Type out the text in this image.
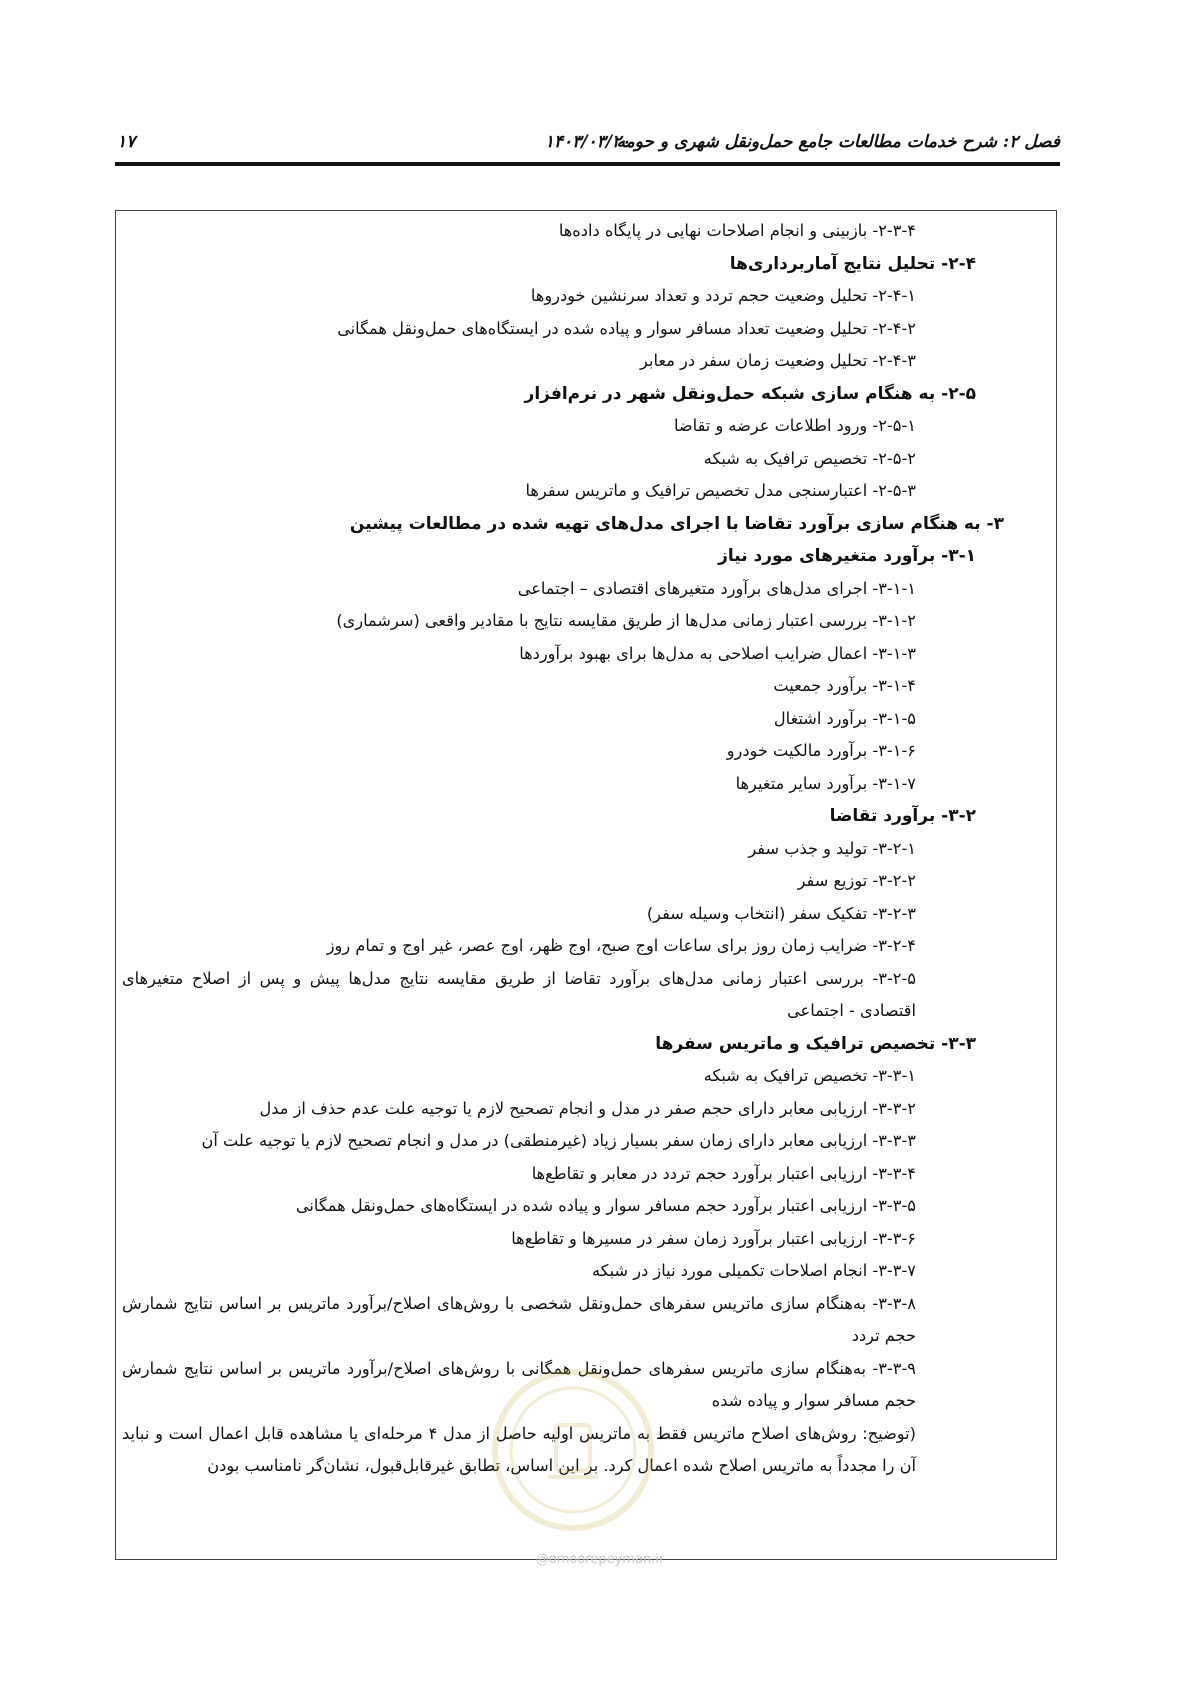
فصل ۲: شرح خدمات مطالعات جامع حمل‌ونقل شهری و حومه
۱۴۰۳/۰۳/۲۰
۱۷
۲-۳-۴- بازبینی و انجام اصلاحات نهایی در پایگاه داده‌ها
۲-۴- تحلیل نتایج آماربرداری‌ها
۲-۴-۱- تحلیل وضعیت حجم تردد و تعداد سرنشین خودروها
۲-۴-۲- تحلیل وضعیت تعداد مسافر سوار و پیاده شده در ایستگاه‌های حمل‌ونقل همگانی
۲-۴-۳- تحلیل وضعیت زمان سفر در معابر
۲-۵- به هنگام سازی شبکه حمل‌ونقل شهر در نرم‌افزار
۲-۵-۱- ورود اطلاعات عرضه و تقاضا
۲-۵-۲- تخصیص ترافیک به شبکه
۲-۵-۳- اعتبارسنجی مدل تخصیص ترافیک و ماتریس سفرها
۳- به هنگام سازی برآورد تقاضا با اجرای مدل‌های تهیه شده در مطالعات پیشین
۳-۱- برآورد متغیرهای مورد نیاز
۳-۱-۱- اجرای مدل‌های برآورد متغیرهای اقتصادی – اجتماعی
۳-۱-۲- بررسی اعتبار زمانی مدل‌ها از طریق مقایسه نتایج با مقادیر واقعی (سرشماری)
۳-۱-۳- اعمال ضرایب اصلاحی به مدل‌ها برای بهبود برآوردها
۳-۱-۴- برآورد جمعیت
۳-۱-۵- برآورد اشتغال
۳-۱-۶- برآورد مالکیت خودرو
۳-۱-۷- برآورد سایر متغیرها
۳-۲- برآورد تقاضا
۳-۲-۱- تولید و جذب سفر
۳-۲-۲- توزیع سفر
۳-۲-۳- تفکیک سفر (انتخاب وسیله سفر)
۳-۲-۴- ضرایب زمان روز برای ساعات اوج صبح، اوج ظهر، اوج عصر، غیر اوج و تمام روز
۳-۲-۵- بررسی اعتبار زمانی مدل‌های برآورد تقاضا از طریق مقایسه نتایج مدل‌ها پیش و پس از اصلاح متغیرهای اقتصادی - اجتماعی
۳-۳- تخصیص ترافیک و ماتریس سفرها
۳-۳-۱- تخصیص ترافیک به شبکه
۳-۳-۲- ارزیابی معابر دارای حجم صفر در مدل و انجام تصحیح لازم یا توجیه علت عدم حذف از مدل
۳-۳-۳- ارزیابی معابر دارای زمان سفر بسیار زیاد (غیرمنطقی) در مدل و انجام تصحیح لازم یا توجیه علت آن
۳-۳-۴- ارزیابی اعتبار برآورد حجم تردد در معابر و تقاطع‌ها
۳-۳-۵- ارزیابی اعتبار برآورد حجم مسافر سوار و پیاده شده در ایستگاه‌های حمل‌ونقل همگانی
۳-۳-۶- ارزیابی اعتبار برآورد زمان سفر در مسیرها و تقاطع‌ها
۳-۳-۷- انجام اصلاحات تکمیلی مورد نیاز در شبکه
۳-۳-۸- به‌هنگام سازی ماتریس سفرهای حمل‌ونقل شخصی با روش‌های اصلاح/برآورد ماتریس بر اساس نتایج شمارش حجم تردد
۳-۳-۹- به‌هنگام سازی ماتریس سفرهای حمل‌ونقل همگانی با روش‌های اصلاح/برآورد ماتریس بر اساس نتایج شمارش حجم مسافر سوار و پیاده شده
(توضیح: روش‌های اصلاح ماتریس فقط به ماتریس اولیه حاصل از مدل ۴ مرحله‌ای یا مشاهده قابل اعمال است و نباید آن را مجدداً به ماتریس اصلاح شده اعمال کرد. بر این اساس، تطابق غیرقابل‌قبول، نشان‌گر نامناسب بودن
@omoorepeyman.ir
